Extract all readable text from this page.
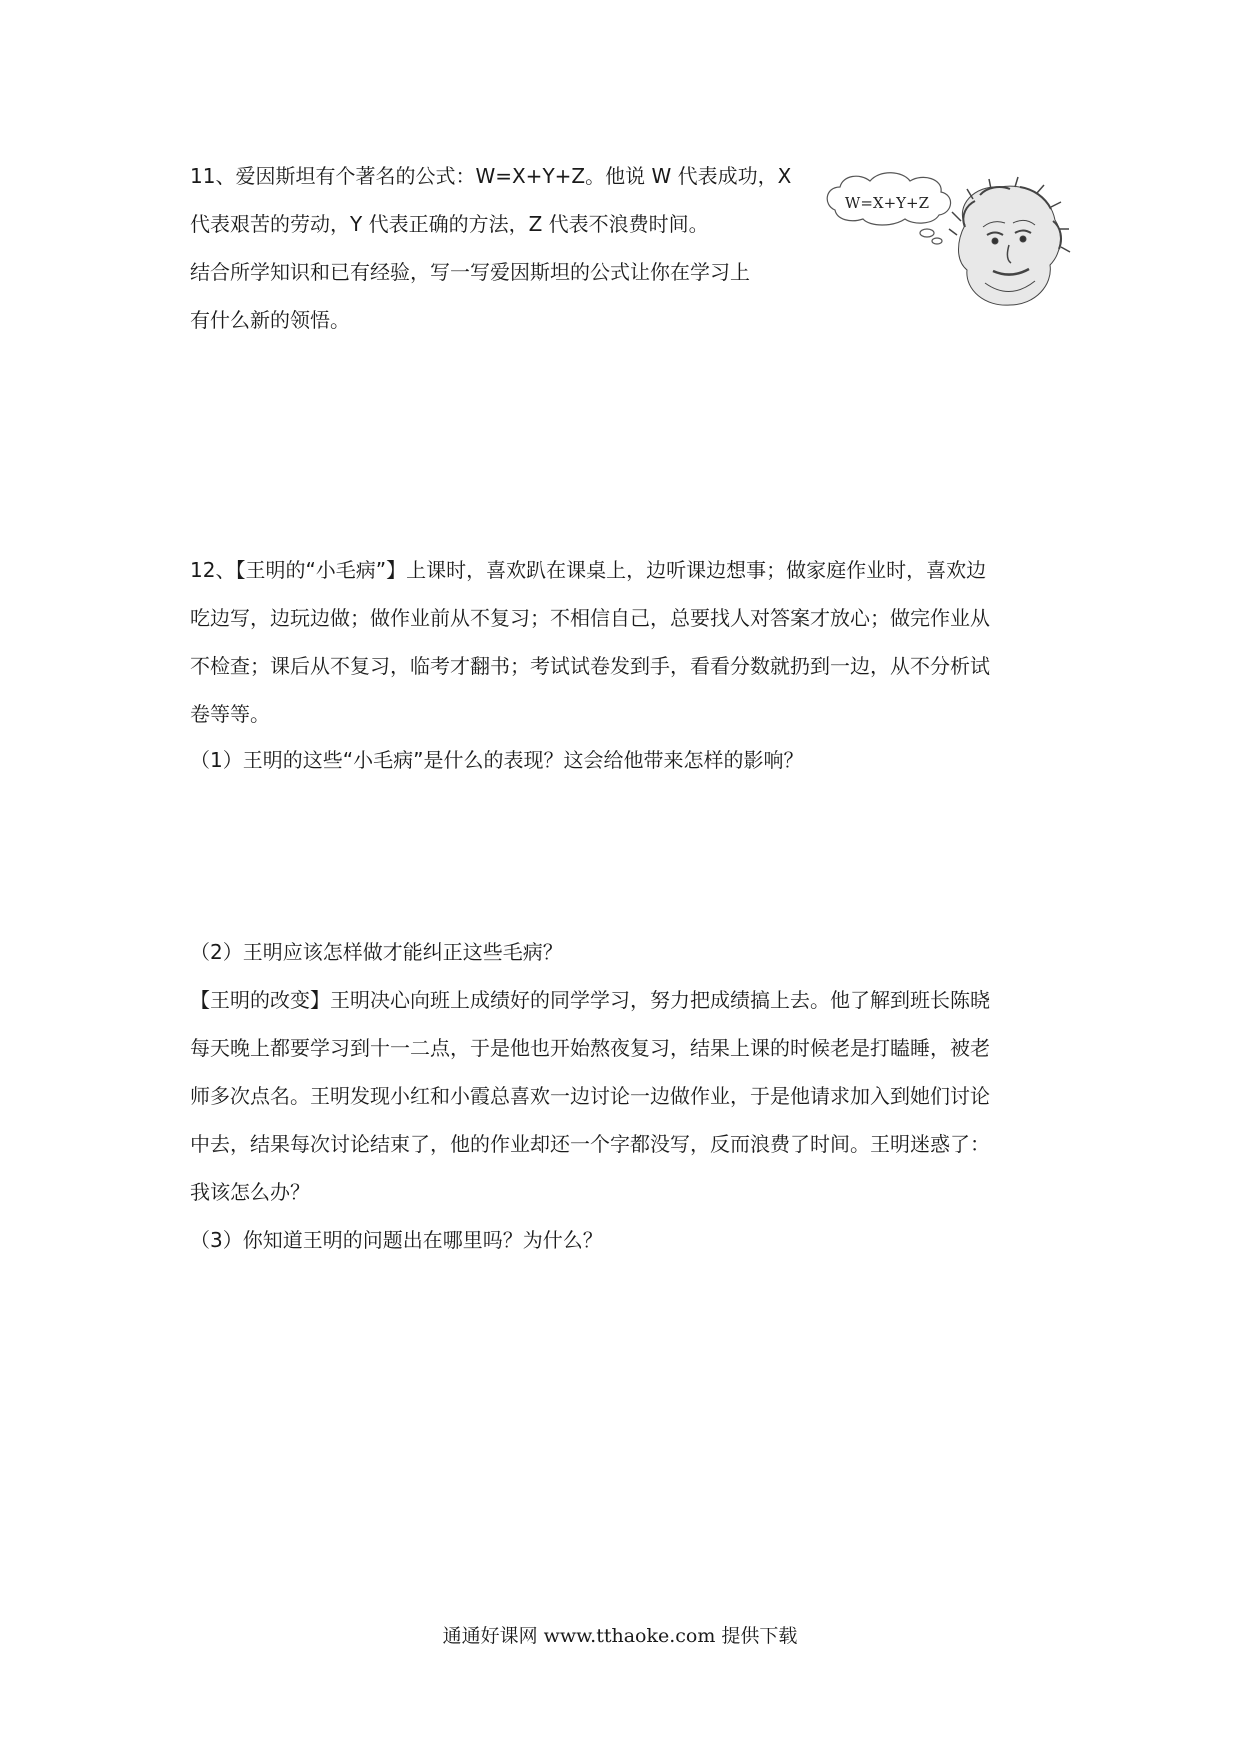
11、爱因斯坦有个著名的公式：W=X+Y+Z。他说 W 代表成功，X
代表艰苦的劳动，Y 代表正确的方法，Z 代表不浪费时间。
结合所学知识和已有经验，写一写爱因斯坦的公式让你在学习上
有什么新的领悟。
W=X+Y+Z
12、【王明的“小毛病”】上课时，喜欢趴在课桌上，边听课边想事；做家庭作业时，喜欢边
吃边写，边玩边做；做作业前从不复习；不相信自己，总要找人对答案才放心；做完作业从
不检查；课后从不复习，临考才翻书；考试试卷发到手，看看分数就扔到一边，从不分析试
卷等等。
（1）王明的这些“小毛病”是什么的表现？这会给他带来怎样的影响？
（2）王明应该怎样做才能纠正这些毛病？
【王明的改变】王明决心向班上成绩好的同学学习，努力把成绩搞上去。他了解到班长陈晓
每天晚上都要学习到十一二点，于是他也开始熬夜复习，结果上课的时候老是打瞌睡，被老
师多次点名。王明发现小红和小霞总喜欢一边讨论一边做作业，于是他请求加入到她们讨论
中去，结果每次讨论结束了，他的作业却还一个字都没写，反而浪费了时间。王明迷惑了：
我该怎么办？
（3）你知道王明的问题出在哪里吗？为什么？
通通好课网 www.tthaoke.com 提供下载
